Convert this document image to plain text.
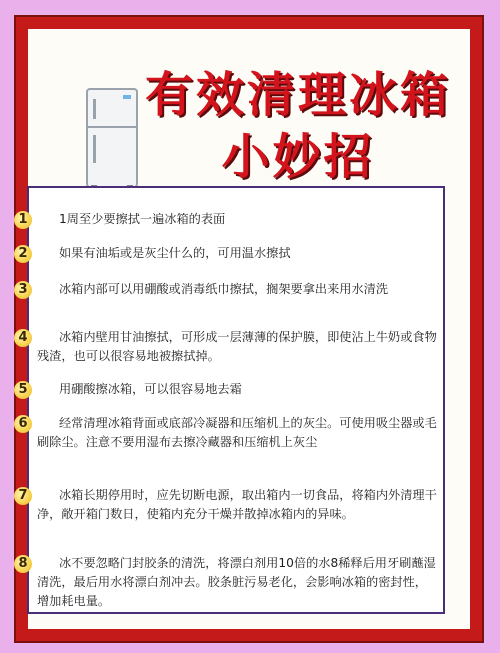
有效清理冰箱
小妙招
1	1周至少要擦拭一遍冰箱的表面
2	如果有油垢或是灰尘什么的，可用温水擦拭
3	冰箱内部可以用硼酸或消毒纸巾擦拭，搁架要拿出来用水清洗
4	冰箱内壁用甘油擦拭，可形成一层薄薄的保护膜，即使沾上牛奶或食物残渣，也可以很容易地被擦拭掉。
5	用硼酸擦冰箱，可以很容易地去霜
6	经常清理冰箱背面或底部冷凝器和压缩机上的灰尘。可使用吸尘器或毛刷除尘。注意不要用湿布去擦冷藏器和压缩机上灰尘
7	冰箱长期停用时，应先切断电源，取出箱内一切食品，将箱内外清理干净，敞开箱门数日，使箱内充分干燥并散掉冰箱内的异味。
8	冰不要忽略门封胶条的清洗，将漂白剂用10倍的水8稀释后用牙刷蘸湿清洗，最后用水将漂白剂冲去。胶条脏污易老化，会影响冰箱的密封性，增加耗电量。
